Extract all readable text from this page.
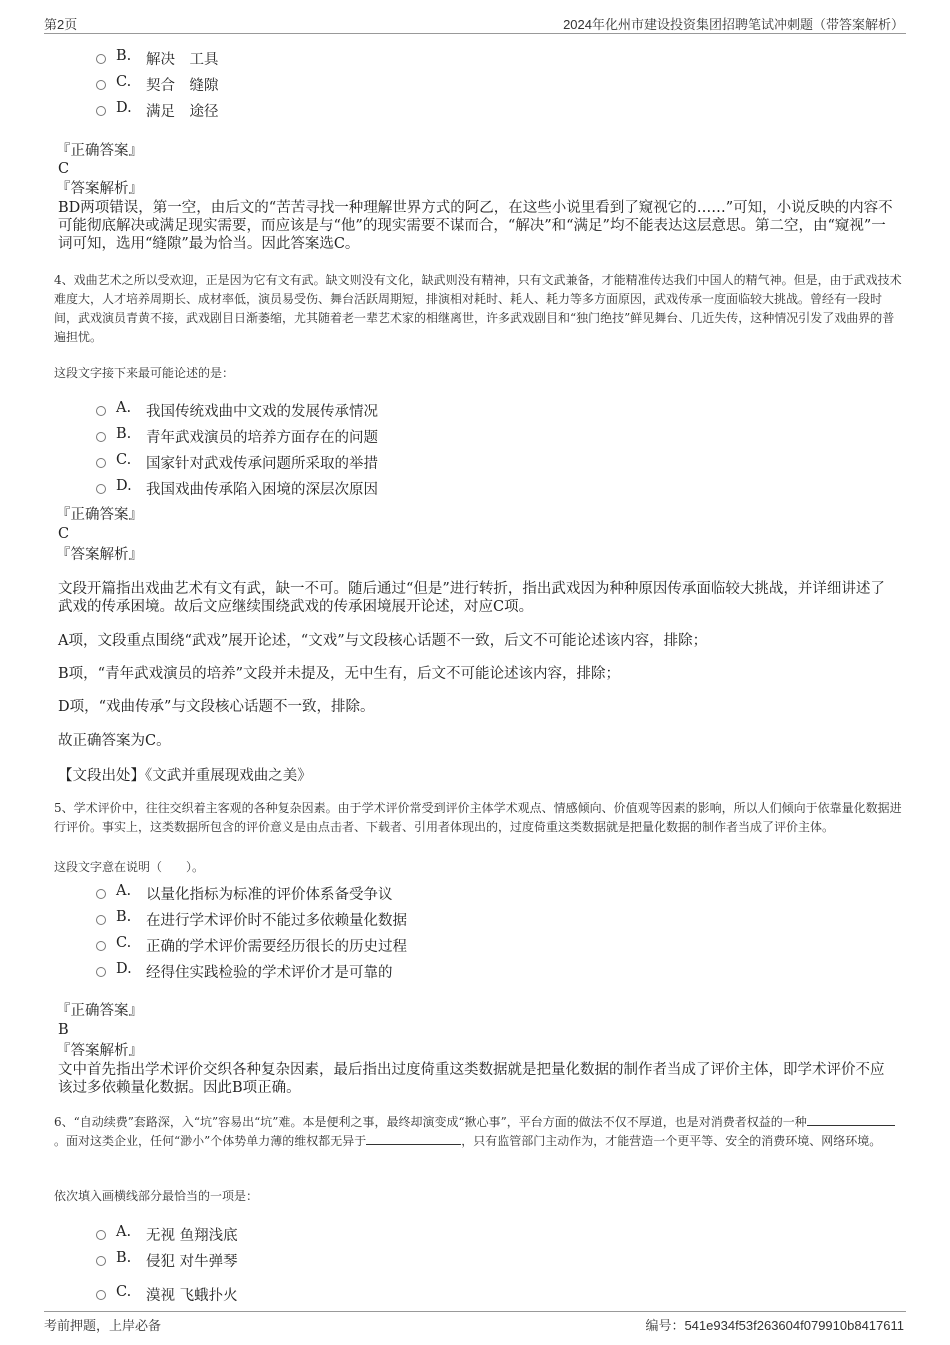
第2页	2024年化州市建设投资集团招聘笔试冲刺题（带答案解析）
B. 解决　工具
C. 契合　缝隙
D. 满足　途径
『正确答案』
C
『答案解析』
BD两项错误，第一空，由后文的“苦苦寻找一种理解世界方式的阿乙，在这些小说里看到了窥视它的……”可知，小说反映的内容不可能彻底解决或满足现实需要，而应该是与“他”的现实需要不谋而合，“解决”和“满足”均不能表达这层意思。第二空，由“窥视”一词可知，选用“缝隙”最为恰当。因此答案选C。
4、戏曲艺术之所以受欢迎，正是因为它有文有武。缺文则没有文化，缺武则没有精神，只有文武兼备，才能精准传达我们中国人的精气神。但是，由于武戏技术难度大，人才培养周期长、成材率低，演员易受伤、舞台活跃周期短，排演相对耗时、耗人、耗力等多方面原因，武戏传承一度面临较大挑战。曾经有一段时间，武戏演员青黄不接，武戏剧目日渐萎缩，尤其随着老一辈艺术家的相继离世，许多武戏剧目和“独门绝技”鲜见舞台、几近失传，这种情况引发了戏曲界的普遍担忧。
这段文字接下来最可能论述的是：
A. 我国传统戏曲中文戏的发展传承情况
B. 青年武戏演员的培养方面存在的问题
C. 国家针对武戏传承问题所采取的举措
D. 我国戏曲传承陷入困境的深层次原因
『正确答案』
C
『答案解析』
文段开篇指出戏曲艺术有文有武，缺一不可。随后通过“但是”进行转折，指出武戏因为种种原因传承面临较大挑战，并详细讲述了武戏的传承困境。故后文应继续围绕武戏的传承困境展开论述，对应C项。
A项，文段重点围绕“武戏”展开论述，“文戏”与文段核心话题不一致，后文不可能论述该内容，排除；
B项，“青年武戏演员的培养”文段并未提及，无中生有，后文不可能论述该内容，排除；
D项，“戏曲传承”与文段核心话题不一致，排除。
故正确答案为C。
【文段出处】《文武并重展现戏曲之美》
5、学术评价中，往往交织着主客观的各种复杂因素。由于学术评价常受到评价主体学术观点、情感倾向、价值观等因素的影响，所以人们倾向于依靠量化数据进行评价。事实上，这类数据所包含的评价意义是由点击者、下载者、引用者体现出的，过度倚重这类数据就是把量化数据的制作者当成了评价主体。
这段文字意在说明（　　）。
A. 以量化指标为标准的评价体系备受争议
B. 在进行学术评价时不能过多依赖量化数据
C. 正确的学术评价需要经历很长的历史过程
D. 经得住实践检验的学术评价才是可靠的
『正确答案』
B
『答案解析』
文中首先指出学术评价交织各种复杂因素，最后指出过度倚重这类数据就是把量化数据的制作者当成了评价主体，即学术评价不应该过多依赖量化数据。因此B项正确。
6、“自动续费”套路深，入“坑”容易出“坑”难。本是便利之事，最终却演变成“揪心事”，平台方面的做法不仅不厚道，也是对消费者权益的一种。面对这类企业，任何“渺小”个体势单力薄的维权都无异于	，只有监管部门主动作为，才能营造一个更平等、安全的消费环境、网络环境。
依次填入画横线部分最恰当的一项是：
A. 无视 鱼翔浅底
B. 侵犯 对牛弹琴
C. 漠视 飞蛾扑火
考前押题，上岸必备	编号：541e934f53f263604f079910b8417611
